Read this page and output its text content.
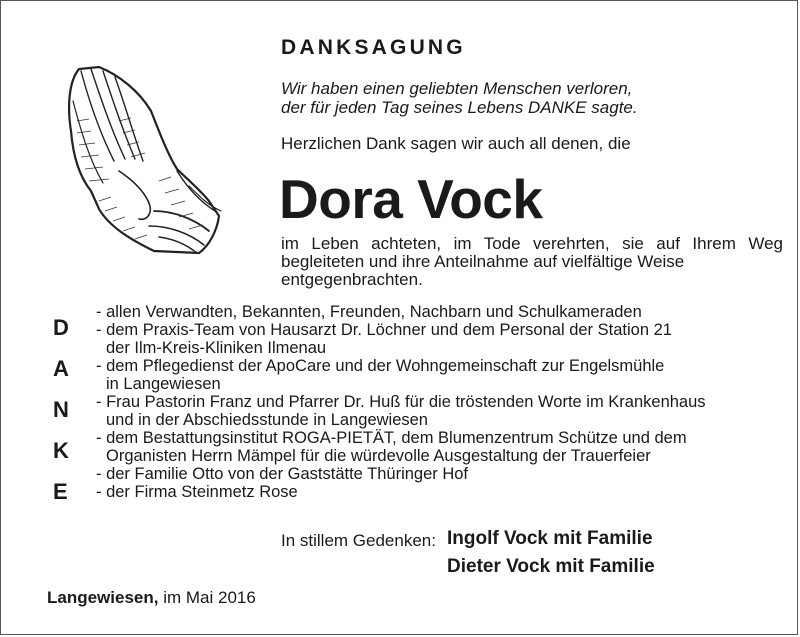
DANKSAGUNG
Wir haben einen geliebten Menschen verloren,
der für jeden Tag seines Lebens DANKE sagte.
Herzlichen Dank sagen wir auch all denen, die
Dora Vock
im Leben achteten, im Tode verehrten, sie auf Ihrem Weg begleiteten und ihre Anteilnahme auf vielfältige Weise
entgegenbrachten.
D
A
N
K
E
- allen Verwandten, Bekannten, Freunden, Nachbarn und Schulkameraden
- dem Praxis-Team von Hausarzt Dr. Löchner und dem Personal der Station 21
der Ilm-Kreis-Kliniken Ilmenau
- dem Pflegedienst der ApoCare und der Wohngemeinschaft zur Engelsmühle
in Langewiesen
- Frau Pastorin Franz und Pfarrer Dr. Huß für die tröstenden Worte im Krankenhaus
und in der Abschiedsstunde in Langewiesen
- dem Bestattungsinstitut ROGA-PIETÄT, dem Blumenzentrum Schütze und dem
Organisten Herrn Mämpel für die würdevolle Ausgestaltung der Trauerfeier
- der Familie Otto von der Gaststätte Thüringer Hof
- der Firma Steinmetz Rose
In stillem Gedenken: Ingolf Vock mit Familie
Dieter Vock mit Familie
Langewiesen, im Mai 2016
